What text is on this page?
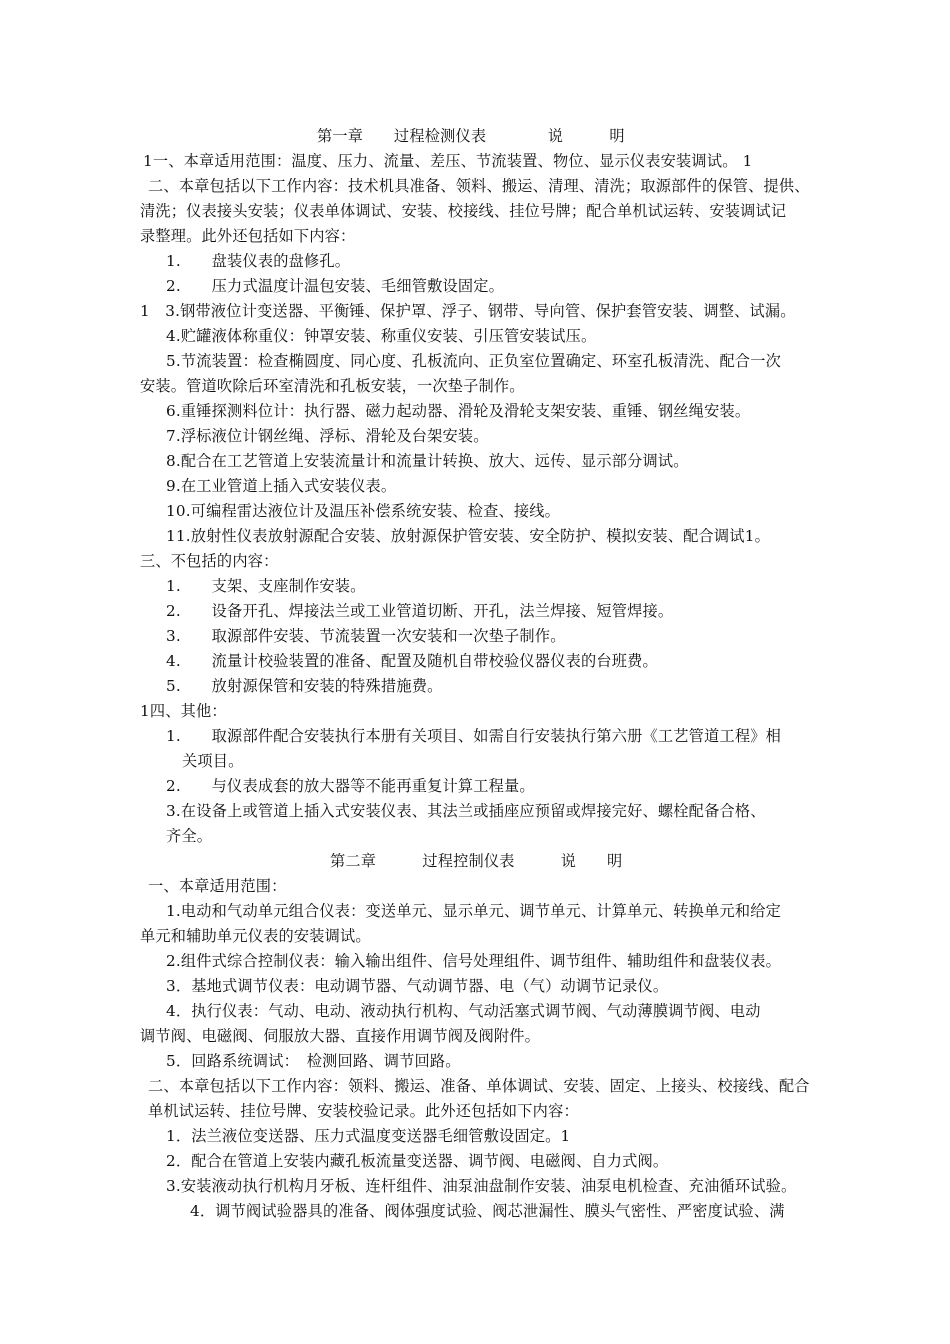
第一章　　过程检测仪表　　　　说　　　明
1一、本章适用范围：温度、压力、流量、差压、节流装置、物位、显示仪表安装调试。 1
二、本章包括以下工作内容：技术机具准备、领料、搬运、清理、清洗；取源部件的保管、提供、
清洗；仪表接头安装；仪表单体调试、安装、校接线、挂位号牌；配合单机试运转、安装调试记
录整理。此外还包括如下内容：
1.　　盘装仪表的盘修孔。
2.　　压力式温度计温包安装、毛细管敷设固定。
1　3.钢带液位计变送器、平衡锤、保护罩、浮子、钢带、导向管、保护套管安装、调整、试漏。
4.贮罐液体称重仪：钟罩安装、称重仪安装、引压管安装试压。
5.节流装置：检查椭圆度、同心度、孔板流向、正负室位置确定、环室孔板清洗、配合一次
安装。管道吹除后环室清洗和孔板安装，一次垫子制作。
6.重锤探测料位计：执行器、磁力起动器、滑轮及滑轮支架安装、重锤、钢丝绳安装。
7.浮标液位计钢丝绳、浮标、滑轮及台架安装。
8.配合在工艺管道上安装流量计和流量计转换、放大、远传、显示部分调试。
9.在工业管道上插入式安装仪表。
10.可编程雷达液位计及温压补偿系统安装、检查、接线。
11.放射性仪表放射源配合安装、放射源保护管安装、安全防护、模拟安装、配合调试1。
三、不包括的内容：
1.　　支架、支座制作安装。
2.　　设备开孔、焊接法兰或工业管道切断、开孔，法兰焊接、短管焊接。
3.　　取源部件安装、节流装置一次安装和一次垫子制作。
4.　　流量计校验装置的准备、配置及随机自带校验仪器仪表的台班费。
5.　　放射源保管和安装的特殊措施费。
1四、其他：
1.　　取源部件配合安装执行本册有关项目、如需自行安装执行第六册《工艺管道工程》相
关项目。
2.　　与仪表成套的放大器等不能再重复计算工程量。
3.在设备上或管道上插入式安装仪表、其法兰或插座应预留或焊接完好、螺栓配备合格、
齐全。
第二章　　　过程控制仪表　　　说　　明
一、本章适用范围：
1.电动和气动单元组合仪表：变送单元、显示单元、调节单元、计算单元、转换单元和给定
单元和辅助单元仪表的安装调试。
2.组件式综合控制仪表：输入输出组件、信号处理组件、调节组件、辅助组件和盘装仪表。
3．基地式调节仪表：电动调节器、气动调节器、电（气）动调节记录仪。
4．执行仪表：气动、电动、液动执行机构、气动活塞式调节阀、气动薄膜调节阀、电动
调节阀、电磁阀、伺服放大器、直接作用调节阀及阀附件。
5．回路系统调试：　检测回路、调节回路。
二、本章包括以下工作内容：领料、搬运、准备、单体调试、安装、固定、上接头、校接线、配合
单机试运转、挂位号牌、安装校验记录。此外还包括如下内容：
1．法兰液位变送器、压力式温度变送器毛细管敷设固定。1
2．配合在管道上安装内藏孔板流量变送器、调节阀、电磁阀、自力式阀。
3.安装液动执行机构月牙板、连杆组件、油泵油盘制作安装、油泵电机检查、充油循环试验。
4．调节阀试验器具的准备、阀体强度试验、阀芯泄漏性、膜头气密性、严密度试验、满
